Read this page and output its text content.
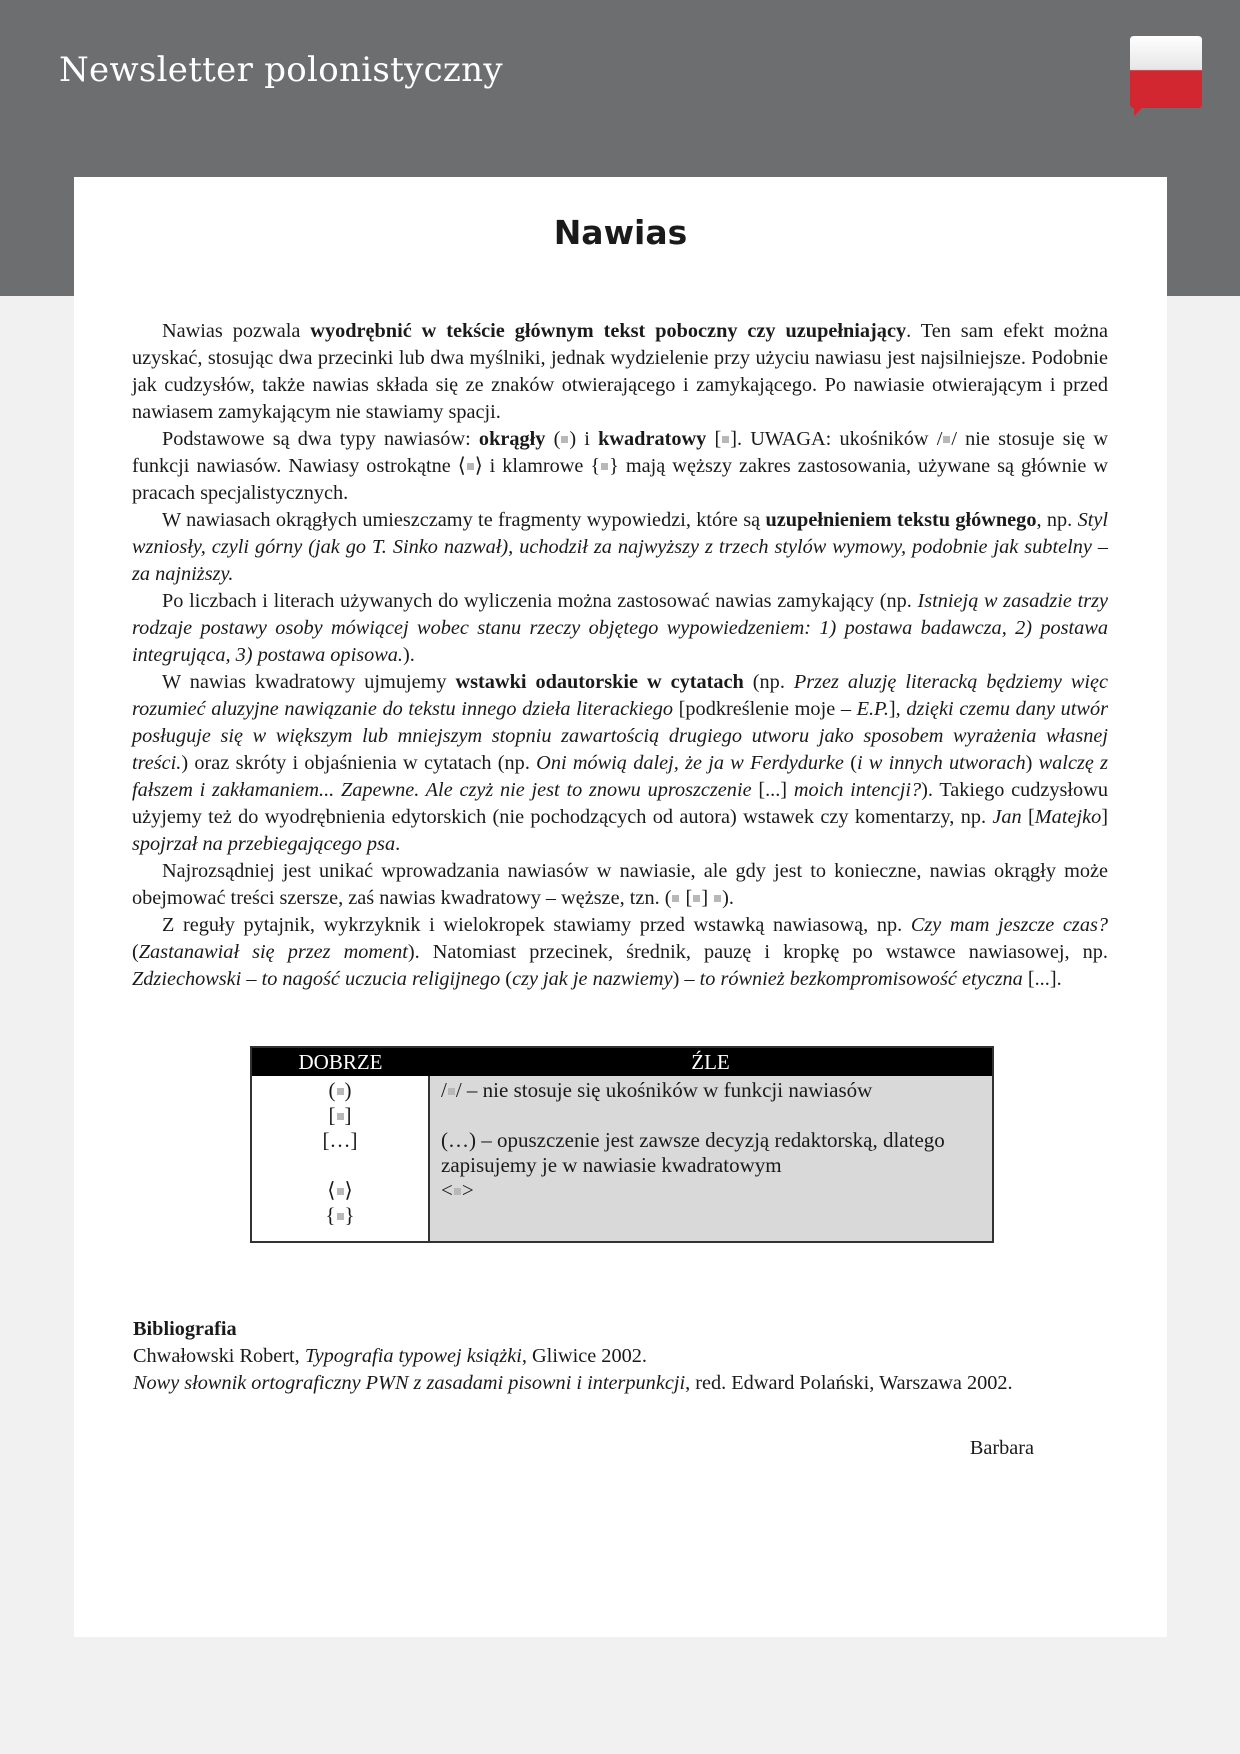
Newsletter polonistyczny
Nawias

Nawias pozwala wyodrębnić w tekście głównym tekst poboczny czy uzupełniający. Ten sam efekt można uzyskać, stosując dwa przecinki lub dwa myślniki, jednak wydzielenie przy użyciu nawiasu jest najsilniejsze. Podobnie jak cudzysłów, także nawias składa się ze znaków otwierającego i zamykającego. Po nawiasie otwierającym i przed nawiasem zamykającym nie stawiamy spacji.

Podstawowe są dwa typy nawiasów: okrągły ( ) i kwadratowy [ ]. UWAGA: ukośników / / nie stosuje się w funkcji nawiasów. Nawiasy ostrokątne ⟨ ⟩ i klamrowe { } mają węższy zakres zastosowania, używane są głównie w pracach specjalistycznych.

W nawiasach okrągłych umieszczamy te fragmenty wypowiedzi, które są uzupełnieniem tekstu głównego, np. Styl wzniosły, czyli górny (jak go T. Sinko nazwał), uchodził za najwyższy z trzech stylów wymowy, podobnie jak subtelny – za najniższy.

Po liczbach i literach używanych do wyliczenia można zastosować nawias zamykający (np. Istnieją w zasadzie trzy rodzaje postawy osoby mówiącej wobec stanu rzeczy objętego wypowiedzeniem: 1) postawa badawcza, 2) postawa integrująca, 3) postawa opisowa.).

W nawias kwadratowy ujmujemy wstawki odautorskie w cytatach (np. Przez aluzję literacką będziemy więc rozumieć aluzyjne nawiązanie do tekstu innego dzieła literackiego [podkreślenie moje – E.P.], dzięki czemu dany utwór posługuje się w większym lub mniejszym stopniu zawartością drugiego utworu jako sposobem wyrażenia własnej treści.) oraz skróty i objaśnienia w cytatach (np. Oni mówią dalej, że ja w Ferdydurke (i w innych utworach) walczę z fałszem i zakłamaniem... Zapewne. Ale czyż nie jest to znowu uproszczenie [...] moich intencji?). Takiego cudzysłowu użyjemy też do wyodrębnienia edytorskich (nie pochodzących od autora) wstawek czy komentarzy, np. Jan [Matejko] spojrzał na przebiegającego psa.

Najrozsądniej jest unikać wprowadzania nawiasów w nawiasie, ale gdy jest to konieczne, nawias okrągły może obejmować treści szersze, zaś nawias kwadratowy – węższe, tzn. ( [ ] ).

Z reguły pytajnik, wykrzyknik i wielokropek stawiamy przed wstawką nawiasową, np. Czy mam jeszcze czas? (Zastanawiał się przez moment). Natomiast przecinek, średnik, pauzę i kropkę po wstawce nawiasowej, np. Zdziechowski – to nagość uczucia religijnego (czy jak je nazwiemy) – to również bezkompromisowość etyczna [...].

DOBRZE	ŹLE
( )
[ ]
[…]
⟨ ⟩
{ }
/ / – nie stosuje się ukośników w funkcji nawiasów
(…) – opuszczenie jest zawsze decyzją redaktorską, dlatego zapisujemy je w nawiasie kwadratowym
< >
Bibliografia
Chwałowski Robert, Typografia typowej książki, Gliwice 2002.
Nowy słownik ortograficzny PWN z zasadami pisowni i interpunkcji, red. Edward Polański, Warszawa 2002.
Barbara
